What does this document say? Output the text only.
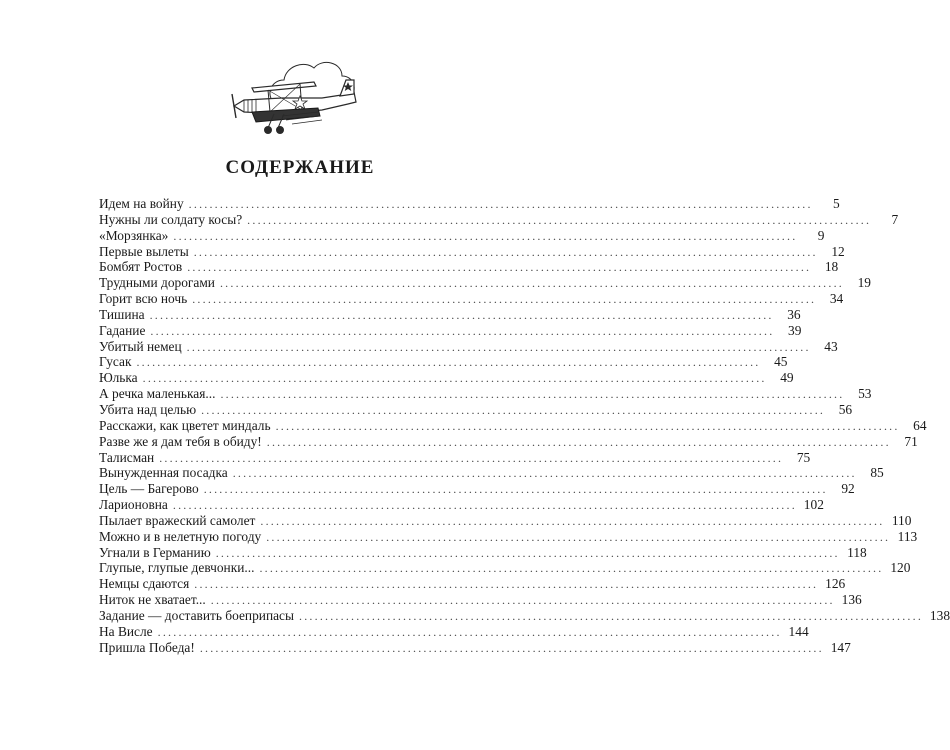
СОДЕРЖАНИЕ
Идем на войну ........................................................................................................................	5
Нужны ли солдату косы? ........................................................................................................................	7
«Морзянка» ........................................................................................................................	9
Первые вылеты ........................................................................................................................	12
Бомбят Ростов ........................................................................................................................	18
Трудными дорогами ........................................................................................................................	19
Горит всю ночь ........................................................................................................................	34
Тишина ........................................................................................................................	36
Гадание ........................................................................................................................	39
Убитый немец ........................................................................................................................	43
Гусак ........................................................................................................................	45
Юлька ........................................................................................................................	49
А речка маленькая... ........................................................................................................................	53
Убита над целью ........................................................................................................................	56
Расскажи, как цветет миндаль ........................................................................................................................	64
Разве же я дам тебя в обиду! ........................................................................................................................	71
Талисман ........................................................................................................................	75
Вынужденная посадка ........................................................................................................................	85
Цель — Багерово ........................................................................................................................	92
Ларионовна ........................................................................................................................ 102
Пылает вражеский самолет ........................................................................................................................ 110
Можно и в нелетную погоду ........................................................................................................................ 113
Угнали в Германию ........................................................................................................................ 118
Глупые, глупые девчонки... ........................................................................................................................ 120
Немцы сдаются ........................................................................................................................ 126
Ниток не хватает... ........................................................................................................................ 136
Задание — доставить боеприпасы ........................................................................................................................ 138
На Висле ........................................................................................................................ 144
Пришла Победа! ........................................................................................................................ 147
